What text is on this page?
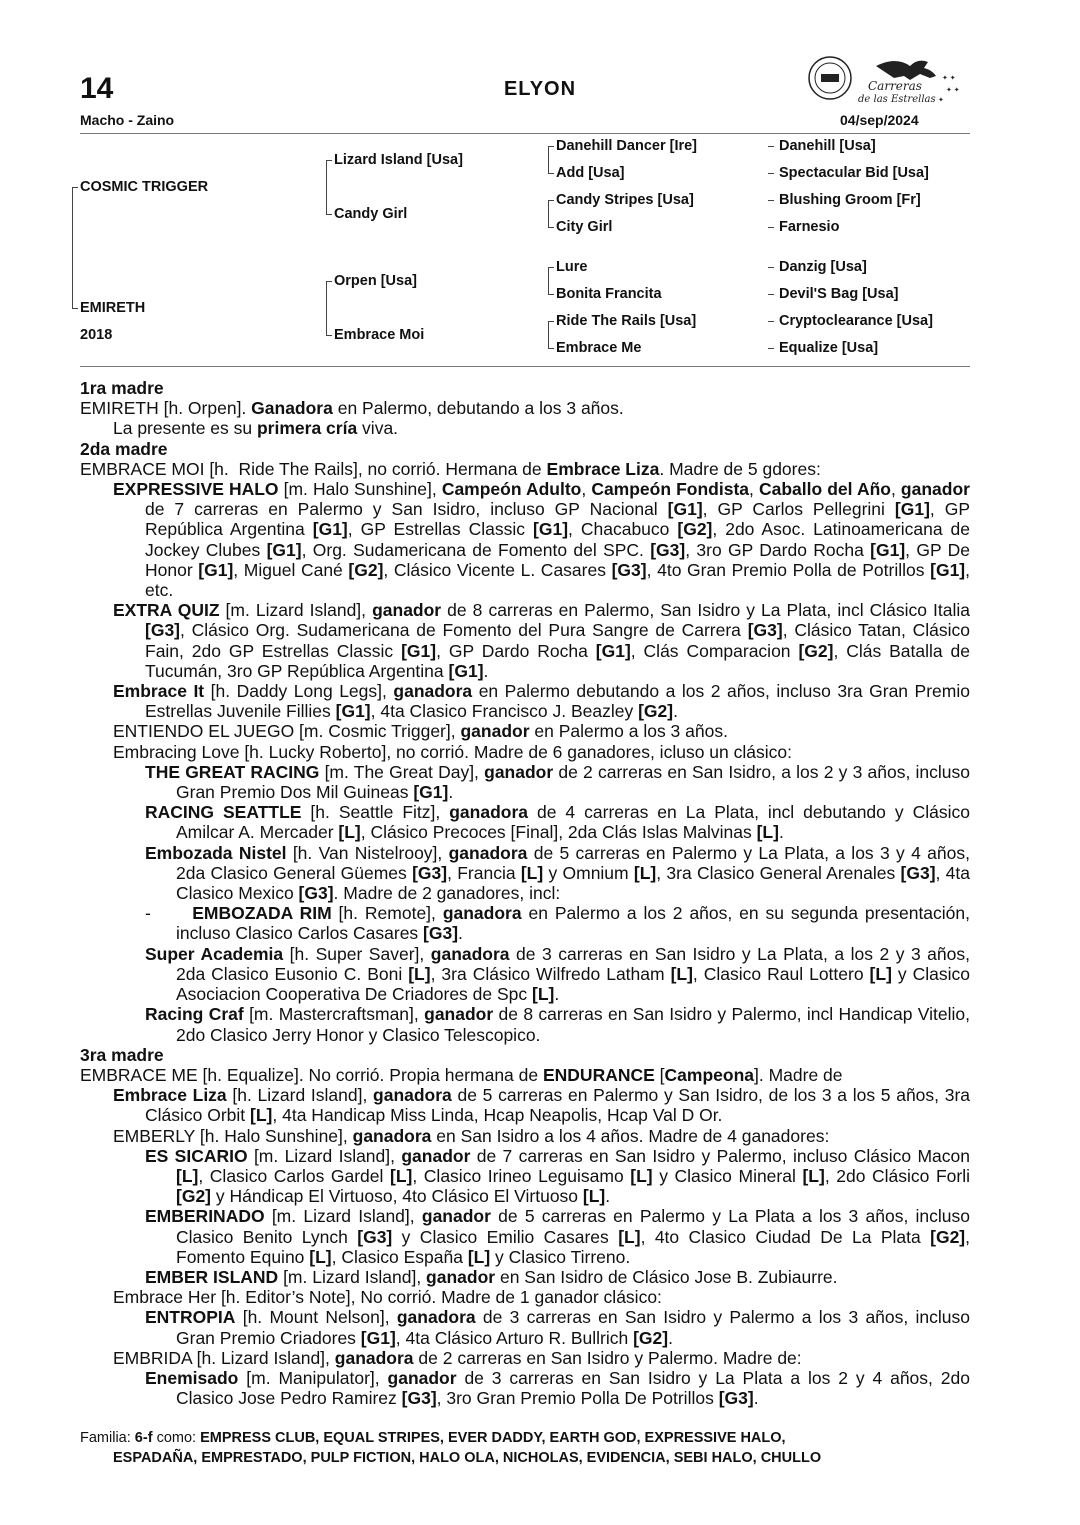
14	ELYON
Macho - Zaino	04/sep/2024
Carreras
de las Estrellas
✦ ✦
✦ ✦
✦
COSMIC TRIGGER
EMIRETH
2018
Lizard Island [Usa]
Candy Girl
Orpen [Usa]
Embrace Moi
Danehill Dancer [Ire]
Add [Usa]
Candy Stripes [Usa]
City Girl
Lure
Bonita Francita
Ride The Rails [Usa]
Embrace Me
Danehill [Usa]
Spectacular Bid [Usa]
Blushing Groom [Fr]
Farnesio
Danzig [Usa]
Devil'S Bag [Usa]
Cryptoclearance [Usa]
Equalize [Usa]

1ra madre

EMIRETH [h. Orpen]. Ganadora en Palermo, debutando a los 3 años.

La presente es su primera cría viva.

2da madre

EMBRACE MOI [h.  Ride The Rails], no corrió. Hermana de Embrace Liza. Madre de 5 gdores:

EXPRESSIVE HALO [m. Halo Sunshine], Campeón Adulto, Campeón Fondista, Caballo del Año, ganador de 7 carreras en Palermo y San Isidro, incluso GP Nacional [G1], GP Carlos Pellegrini [G1], GP República Argentina [G1], GP Estrellas Classic [G1], Chacabuco [G2], 2do Asoc. Latinoamericana de Jockey Clubes [G1], Org. Sudamericana de Fomento del SPC. [G3], 3ro GP Dardo Rocha [G1], GP De Honor [G1], Miguel Cané [G2], Clásico Vicente L. Casares [G3], 4to Gran Premio Polla de Potrillos [G1], etc.

EXTRA QUIZ [m. Lizard Island], ganador de 8 carreras en Palermo, San Isidro y La Plata, incl Clásico Italia [G3], Clásico Org. Sudamericana de Fomento del Pura Sangre de Carrera [G3], Clásico Tatan, Clásico Fain, 2do GP Estrellas Classic [G1], GP Dardo Rocha [G1], Clás Comparacion [G2], Clás Batalla de Tucumán, 3ro GP República Argentina [G1].

Embrace It [h. Daddy Long Legs], ganadora en Palermo debutando a los 2 años, incluso 3ra Gran Premio Estrellas Juvenile Fillies [G1], 4ta Clasico Francisco J. Beazley [G2].

ENTIENDO EL JUEGO [m. Cosmic Trigger], ganador en Palermo a los 3 años.

Embracing Love [h. Lucky Roberto], no corrió. Madre de 6 ganadores, icluso un clásico:

THE GREAT RACING [m. The Great Day], ganador de 2 carreras en San Isidro, a los 2 y 3 años, incluso Gran Premio Dos Mil Guineas [G1].

RACING SEATTLE [h. Seattle Fitz], ganadora de 4 carreras en La Plata, incl debutando y Clásico Amilcar A. Mercader [L], Clásico Precoces [Final], 2da Clás Islas Malvinas [L].

Embozada Nistel [h. Van Nistelrooy], ganadora de 5 carreras en Palermo y La Plata, a los 3 y 4 años, 2da Clasico General Güemes [G3], Francia [L] y Omnium [L], 3ra Clasico General Arenales [G3], 4ta Clasico Mexico [G3]. Madre de 2 ganadores, incl:

-      EMBOZADA RIM [h. Remote], ganadora en Palermo a los 2 años, en su segunda presentación, incluso Clasico Carlos Casares [G3].

Super Academia [h. Super Saver], ganadora de 3 carreras en San Isidro y La Plata, a los 2 y 3 años, 2da Clasico Eusonio C. Boni [L], 3ra Clásico Wilfredo Latham [L], Clasico Raul Lottero [L] y Clasico Asociacion Cooperativa De Criadores de Spc [L].

Racing Craf [m. Mastercraftsman], ganador de 8 carreras en San Isidro y Palermo, incl Handicap Vitelio, 2do Clasico Jerry Honor y Clasico Telescopico.

3ra madre

EMBRACE ME [h. Equalize]. No corrió. Propia hermana de ENDURANCE [Campeona]. Madre de

Embrace Liza [h. Lizard Island], ganadora de 5 carreras en Palermo y San Isidro, de los 3 a los 5 años, 3ra Clásico Orbit [L], 4ta Handicap Miss Linda, Hcap Neapolis, Hcap Val D Or.

EMBERLY [h. Halo Sunshine], ganadora en San Isidro a los 4 años. Madre de 4 ganadores:

ES SICARIO [m. Lizard Island], ganador de 7 carreras en San Isidro y Palermo, incluso Clásico Macon [L], Clasico Carlos Gardel [L], Clasico Irineo Leguisamo [L] y Clasico Mineral [L], 2do Clásico Forli [G2] y Hándicap El Virtuoso, 4to Clásico El Virtuoso [L].

EMBERINADO [m. Lizard Island], ganador de 5 carreras en Palermo y La Plata a los 3 años, incluso Clasico Benito Lynch [G3] y Clasico Emilio Casares [L], 4to Clasico Ciudad De La Plata [G2], Fomento Equino [L], Clasico España [L] y Clasico Tirreno.

EMBER ISLAND [m. Lizard Island], ganador en San Isidro de Clásico Jose B. Zubiaurre.

Embrace Her [h. Editor’s Note], No corrió. Madre de 1 ganador clásico:

ENTROPIA [h. Mount Nelson], ganadora de 3 carreras en San Isidro y Palermo a los 3 años, incluso Gran Premio Criadores [G1], 4ta Clásico Arturo R. Bullrich [G2].

EMBRIDA [h. Lizard Island], ganadora de 2 carreras en San Isidro y Palermo. Madre de:

Enemisado [m. Manipulator], ganador de 3 carreras en San Isidro y La Plata a los 2 y 4 años, 2do Clasico Jose Pedro Ramirez [G3], 3ro Gran Premio Polla De Potrillos [G3].

Familia: 6-f como: EMPRESS CLUB, EQUAL STRIPES, EVER DADDY, EARTH GOD, EXPRESSIVE HALO,

ESPADAÑA, EMPRESTADO, PULP FICTION, HALO OLA, NICHOLAS, EVIDENCIA, SEBI HALO, CHULLO
